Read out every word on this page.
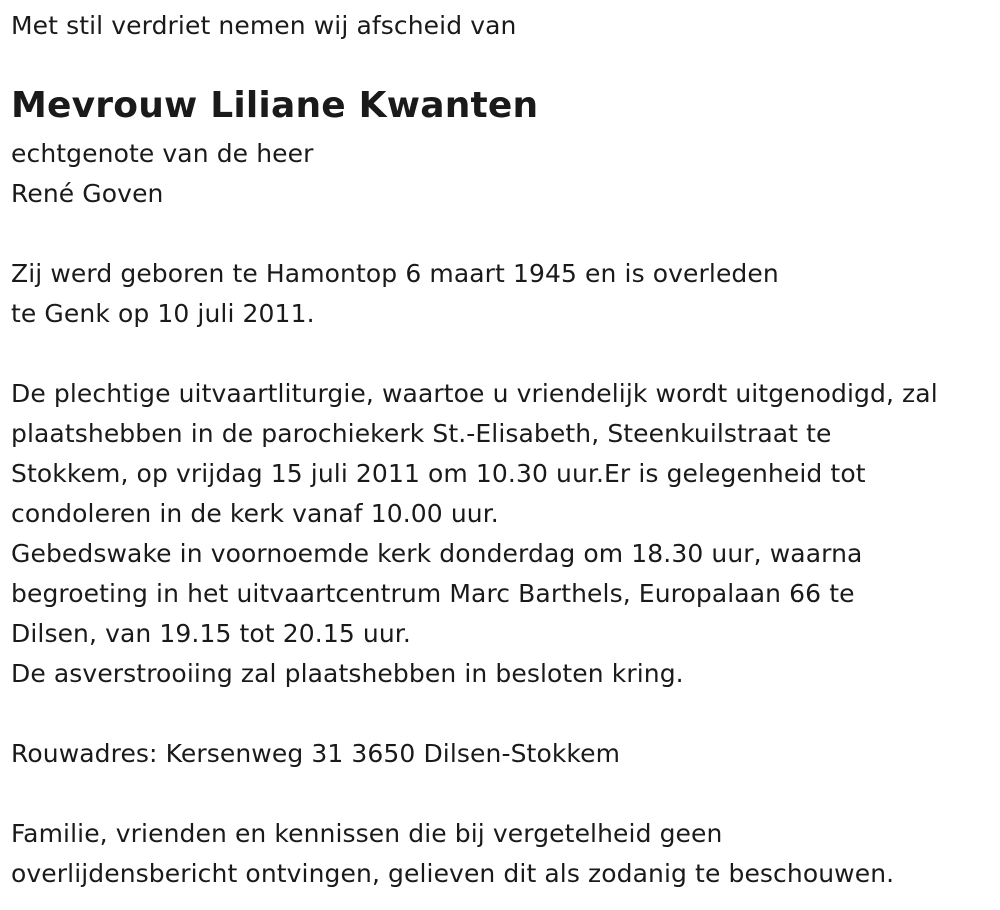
Met stil verdriet nemen wij afscheid van
Mevrouw Liliane Kwanten
echtgenote van de heer
René Goven
Zij werd geboren te Hamontop 6 maart 1945 en is overleden
te Genk op 10 juli 2011.
De plechtige uitvaartliturgie, waartoe u vriendelijk wordt uitgenodigd, zal
plaatshebben in de parochiekerk St.-Elisabeth, Steenkuilstraat te
Stokkem, op vrijdag 15 juli 2011 om 10.30 uur.Er is gelegenheid tot
condoleren in de kerk vanaf 10.00 uur.
Gebedswake in voornoemde kerk donderdag om 18.30 uur, waarna
begroeting in het uitvaartcentrum Marc Barthels, Europalaan 66 te
Dilsen, van 19.15 tot 20.15 uur.
De asverstrooiing zal plaatshebben in besloten kring.
Rouwadres: Kersenweg 31 3650 Dilsen-Stokkem
Familie, vrienden en kennissen die bij vergetelheid geen
overlijdensbericht ontvingen, gelieven dit als zodanig te beschouwen.
